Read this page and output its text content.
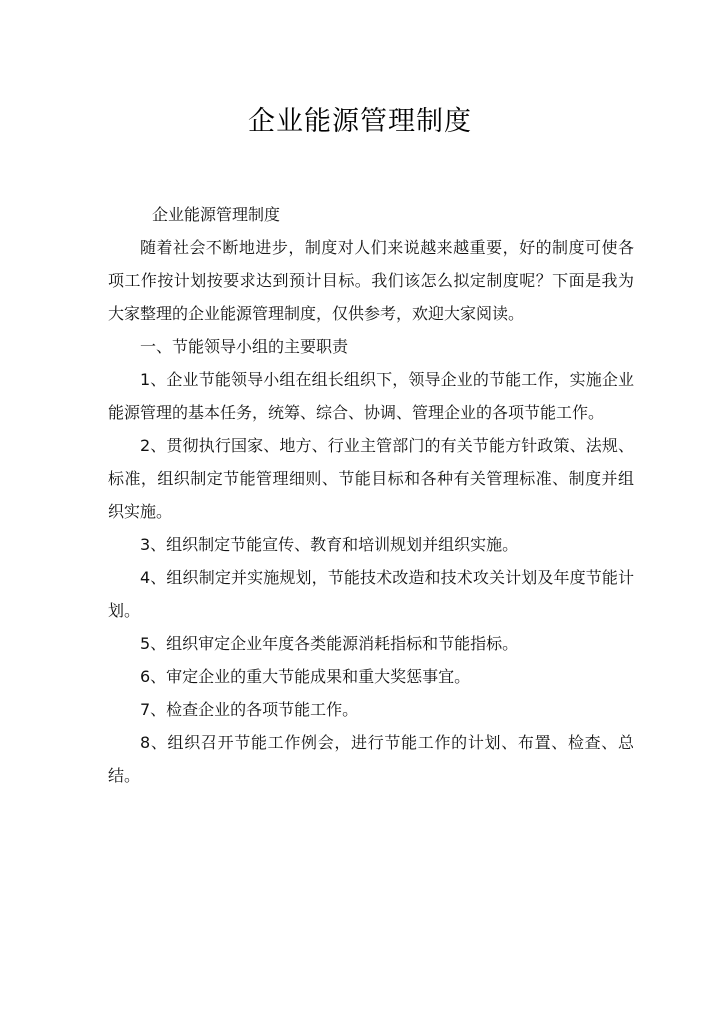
企业能源管理制度

企业能源管理制度

随着社会不断地进步，制度对人们来说越来越重要，好的制度可使各项工作按计划按要求达到预计目标。我们该怎么拟定制度呢？下面是我为大家整理的企业能源管理制度，仅供参考，欢迎大家阅读。

一、节能领导小组的主要职责

1、企业节能领导小组在组长组织下，领导企业的节能工作，实施企业能源管理的基本任务，统筹、综合、协调、管理企业的各项节能工作。

2、贯彻执行国家、地方、行业主管部门的有关节能方针政策、法规、标准，组织制定节能管理细则、节能目标和各种有关管理标准、制度并组织实施。

3、组织制定节能宣传、教育和培训规划并组织实施。

4、组织制定并实施规划，节能技术改造和技术攻关计划及年度节能计划。

5、组织审定企业年度各类能源消耗指标和节能指标。

6、审定企业的重大节能成果和重大奖惩事宜。

7、检查企业的各项节能工作。

8、组织召开节能工作例会，进行节能工作的计划、布置、检查、总结。
